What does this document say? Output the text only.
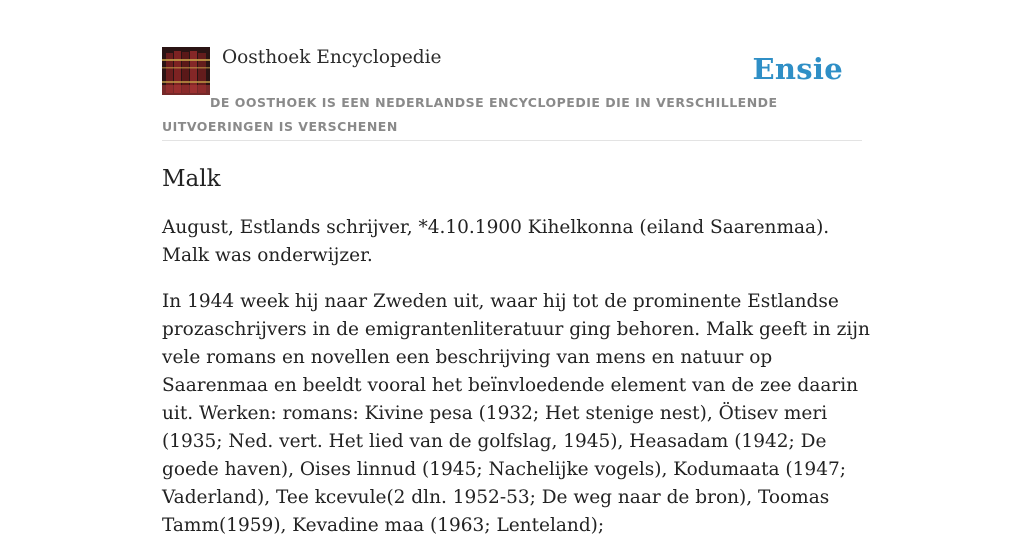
Oosthoek Encyclopedie	Ensie
DE OOSTHOEK IS EEN NEDERLANDSE ENCYCLOPEDIE DIE IN VERSCHILLENDE UITVOERINGEN IS VERSCHENEN
Malk

August, Estlands schrijver, *4.10.1900 Kihelkonna (eiland Saarenmaa). Malk was onderwijzer.

In 1944 week hij naar Zweden uit, waar hij tot de prominente Estlandse prozaschrijvers in de emigrantenliteratuur ging behoren. Malk geeft in zijn vele romans en novellen een beschrijving van mens en natuur op Saarenmaa en beeldt vooral het beïnvloedende element van de zee daarin uit. Werken: romans: Kivine pesa (1932; Het stenige nest), Ötisev meri (1935; Ned. vert. Het lied van de golfslag, 1945), Heasadam (1942; De goede haven), Oises linnud (1945; Nachelijke vogels), Kodumaata (1947; Vaderland), Tee kcevule(2 dln. 1952-53; De weg naar de bron), Toomas Tamm(1959), Kevadine maa (1963; Lenteland);
